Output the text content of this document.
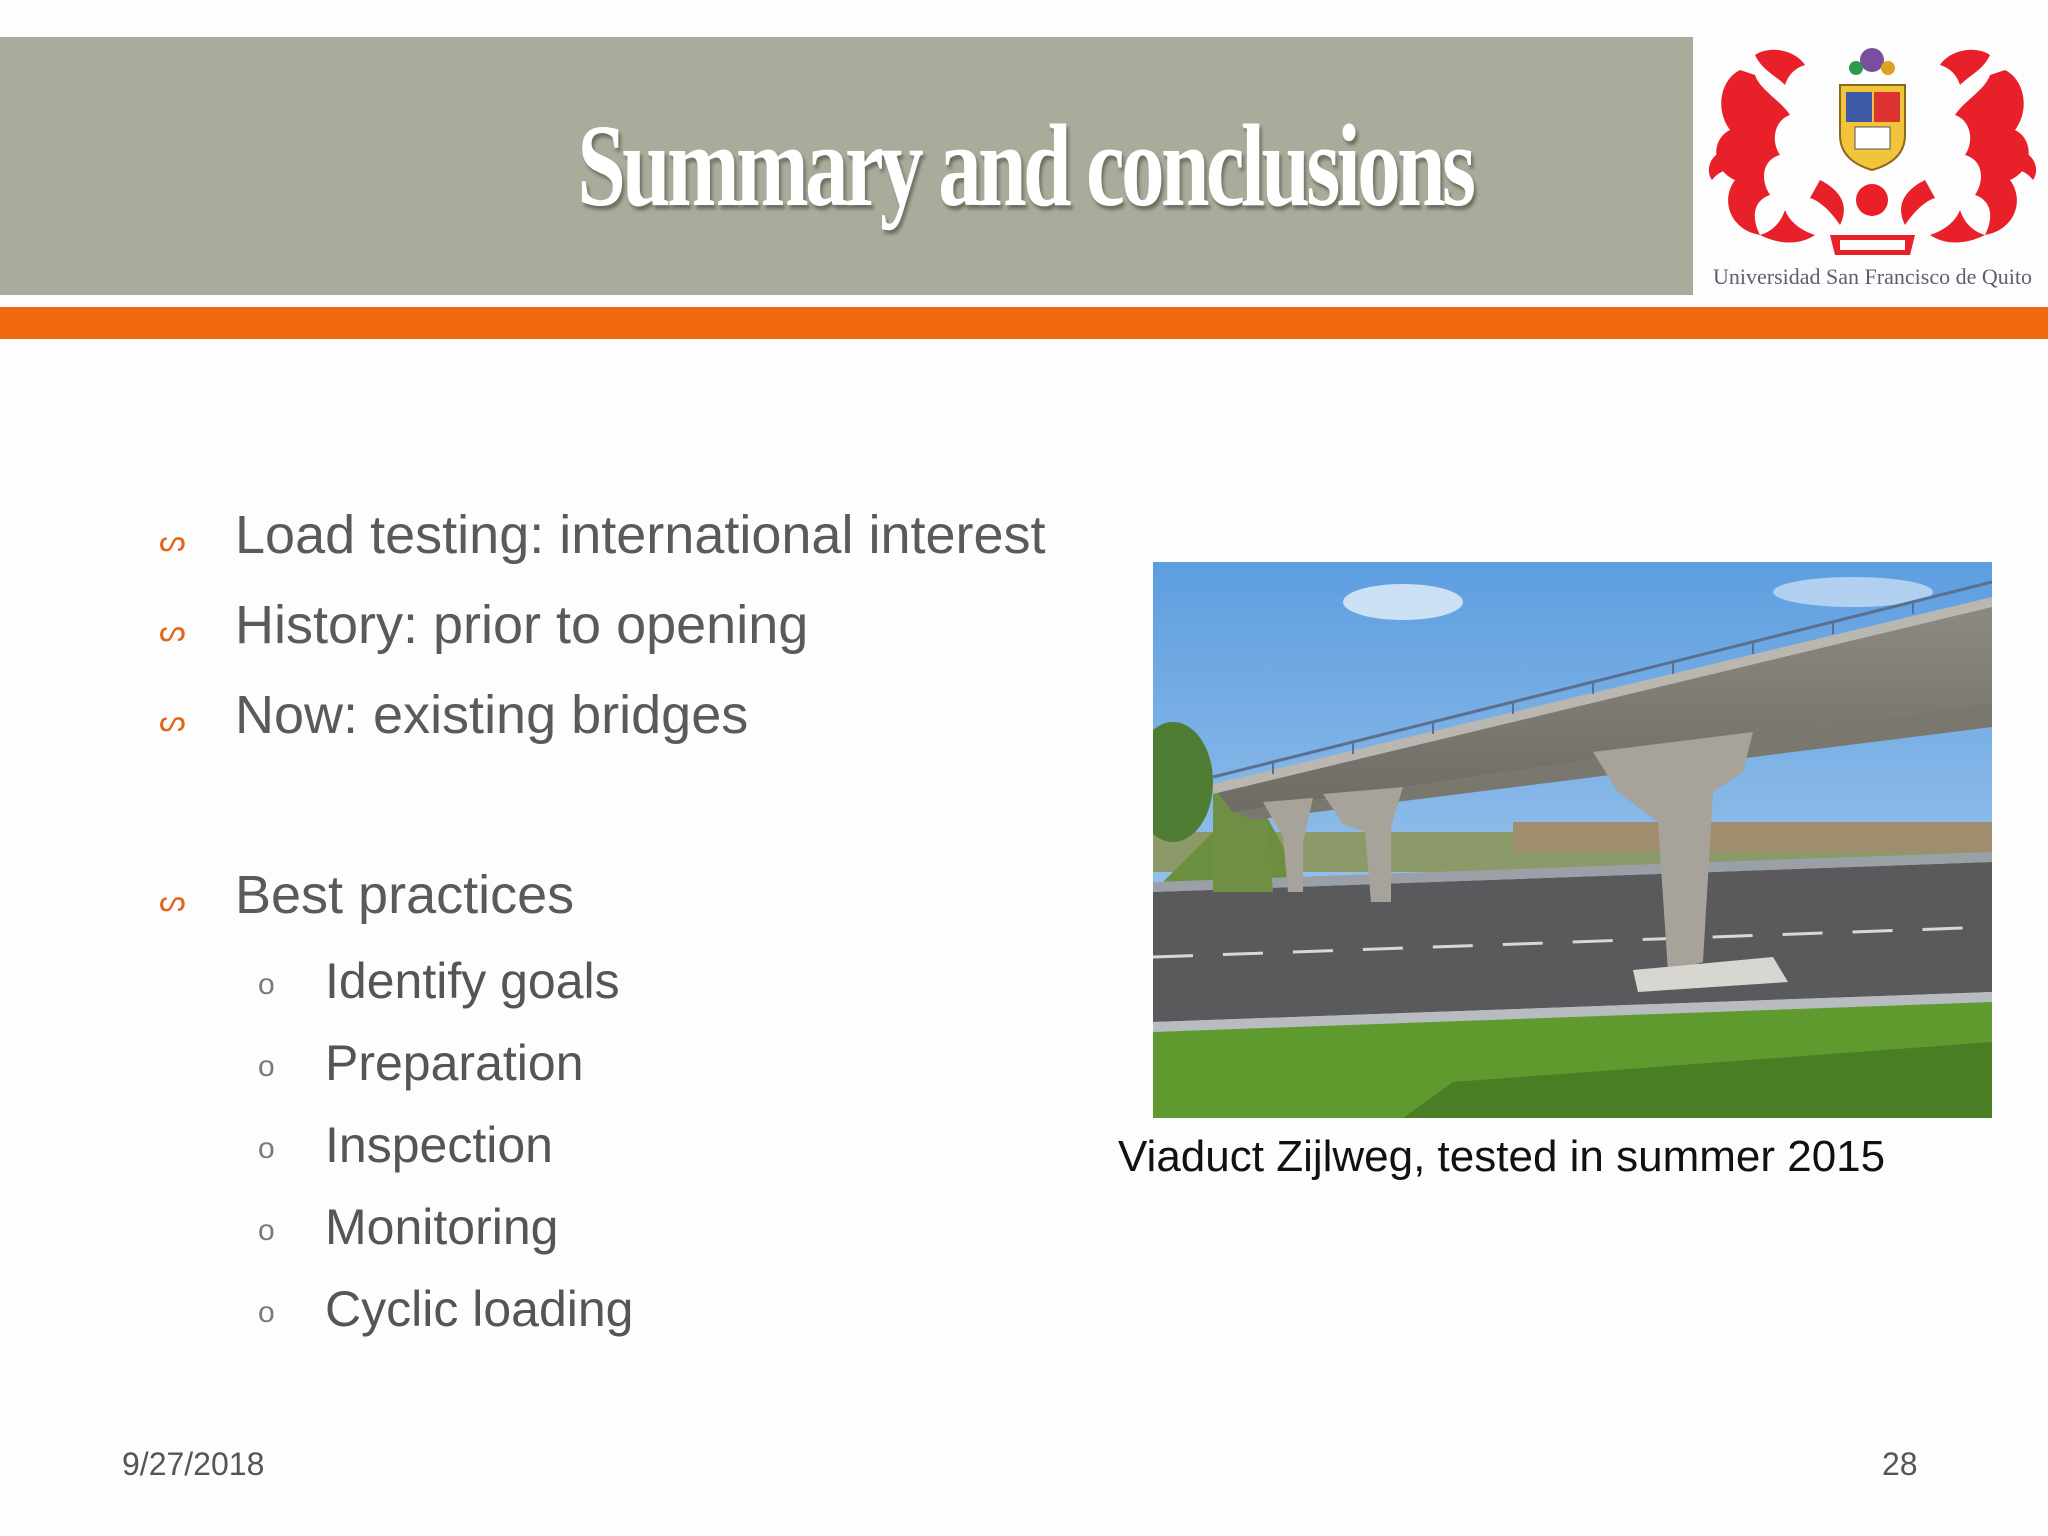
Summary and conclusions
Universidad San Francisco de Quito
ᔕ Load testing: international interest
ᔕ History: prior to opening
ᔕ Now: existing bridges
ᔕ Best practices
o Identify goals
o Preparation
o Inspection
o Monitoring
o Cyclic loading
Viaduct Zijlweg, tested in summer 2015
9/27/2018	28
